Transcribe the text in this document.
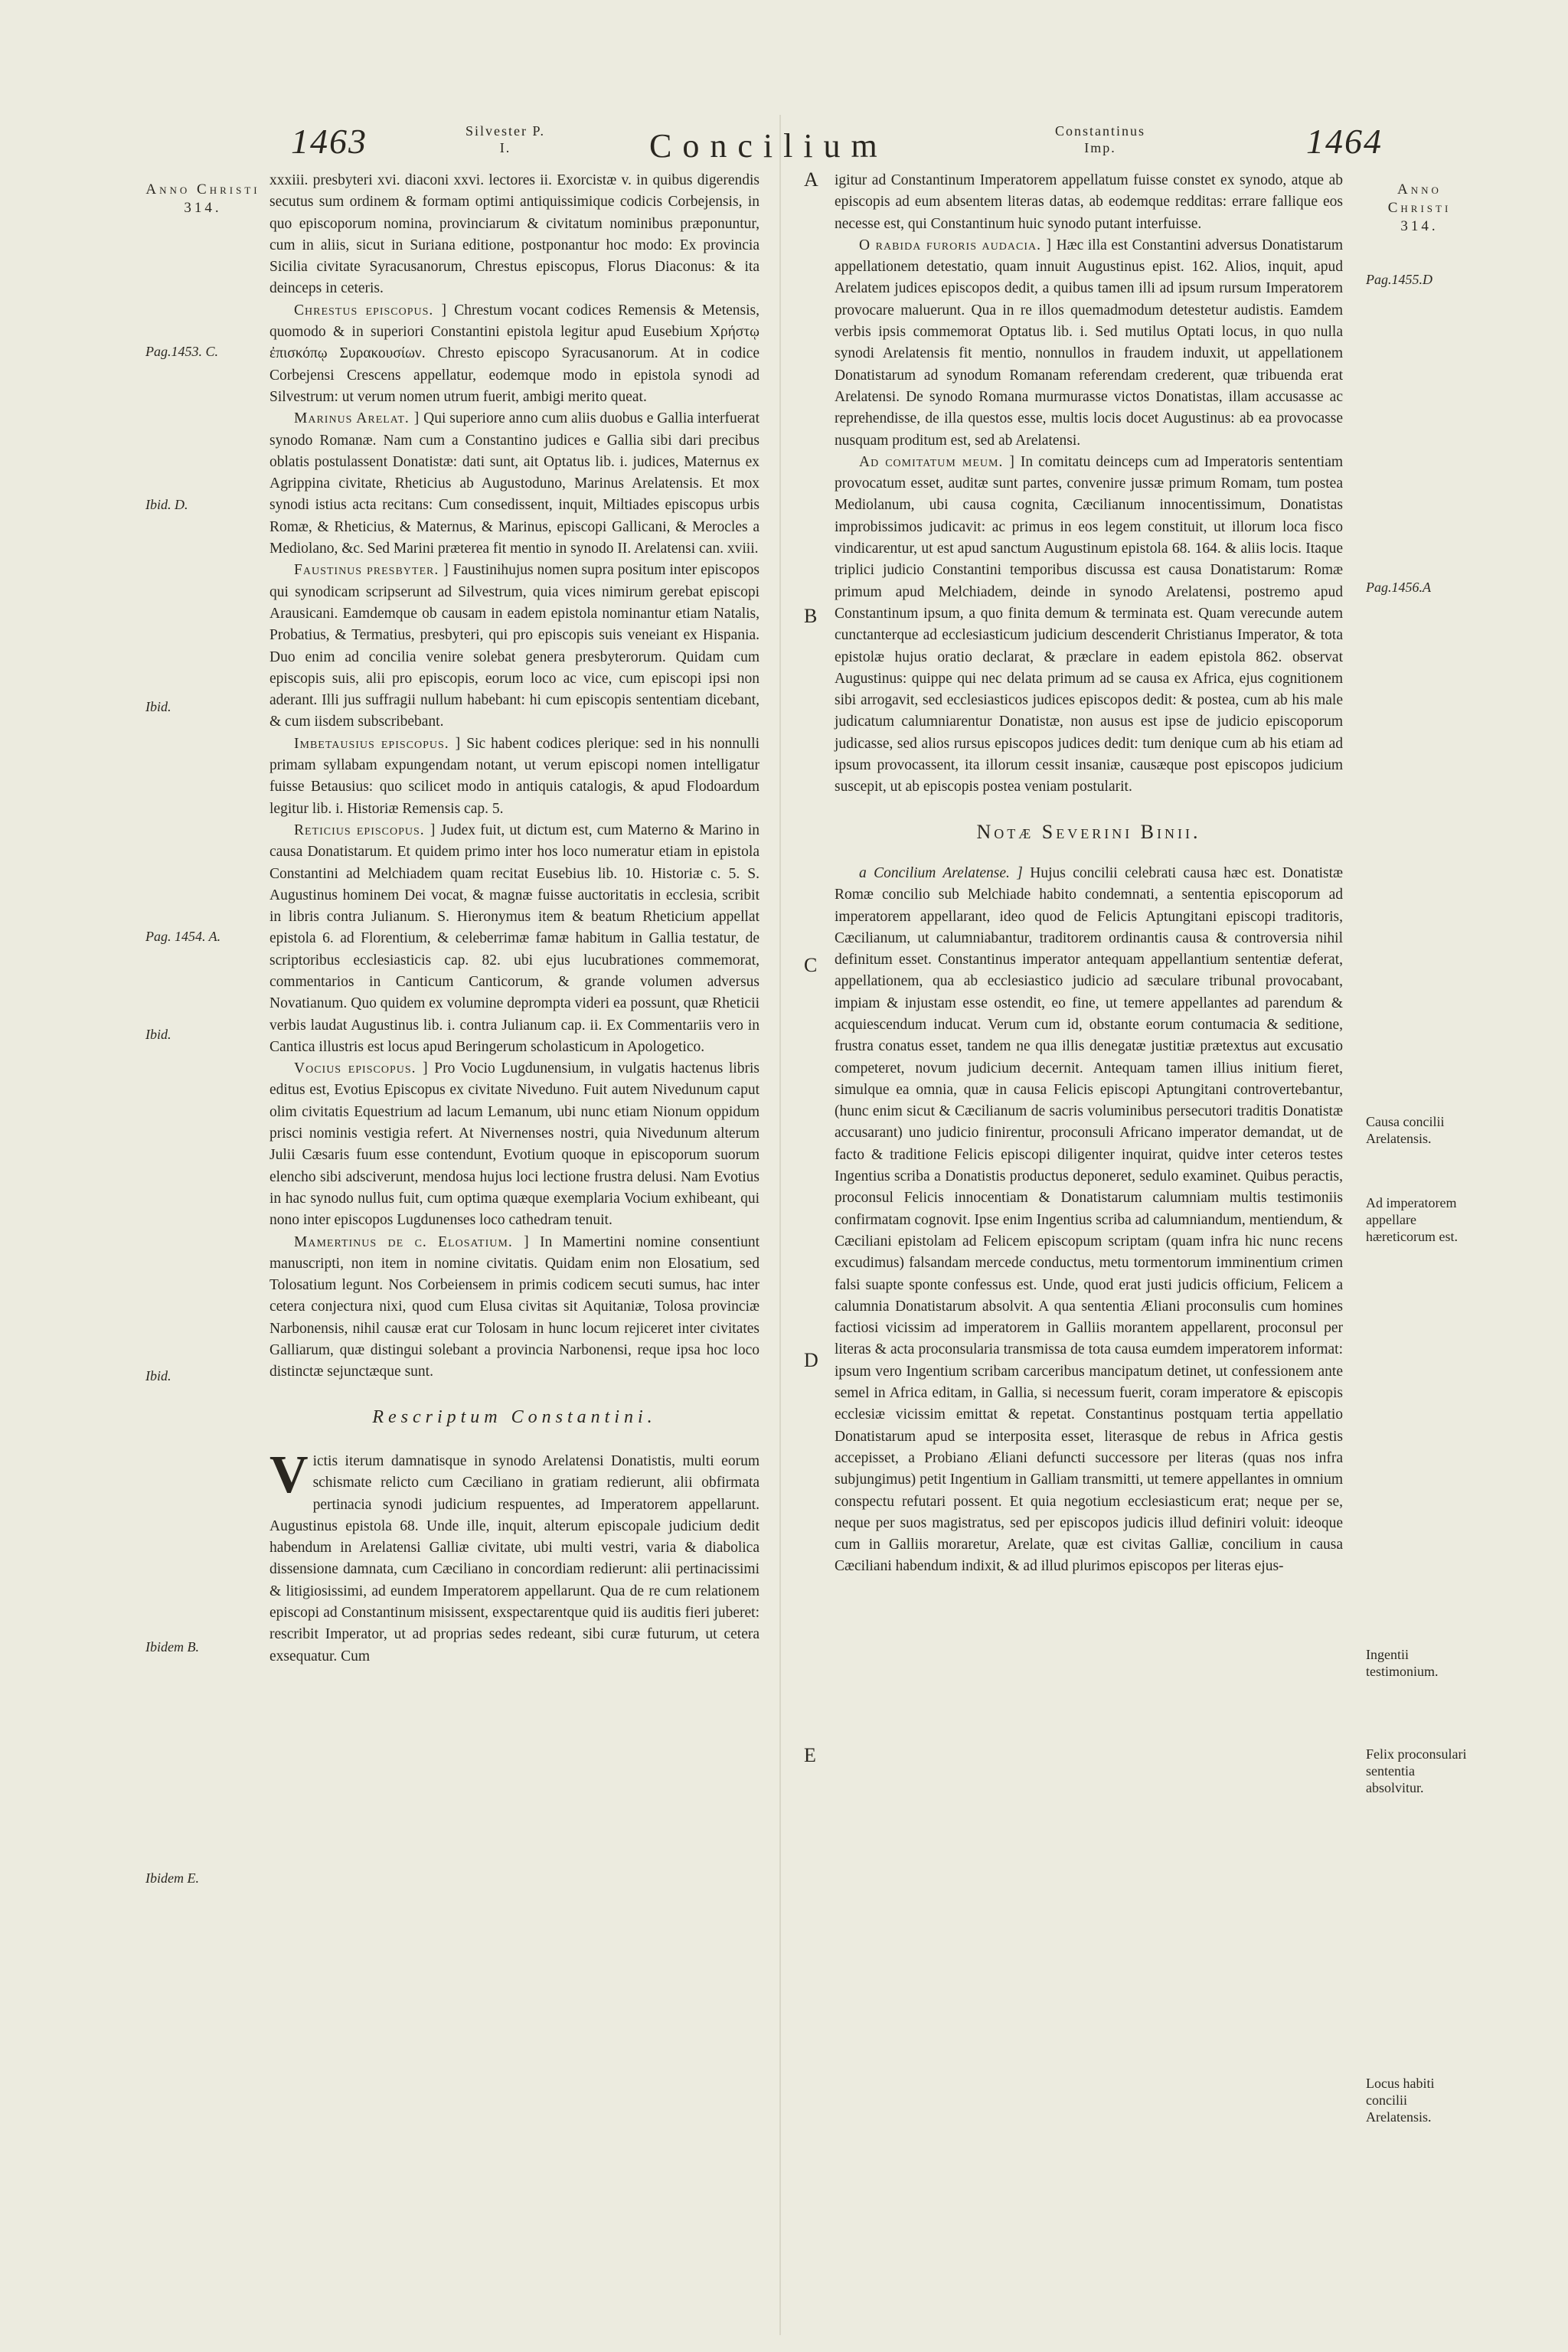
1463	Silvester P. I.	Concilium	Constantinus Imp.	1464
Anno Christi 314.
Pag.1453. C.
Ibid. D.
Ibid.
Pag. 1454. A.
Ibid.
Ibid.
Ibidem B.
Ibidem E.
Anno Christi 314.
Pag.1455.D
Pag.1456.A
Causa concilii Arelatensis.
Ad imperatorem appellare hæreticorum est.
Ingentii testimonium.
Felix proconsulari sententia absolvitur.
Locus habiti concilii Arelatensis.
A
B
C
D
E

xxxiii. presbyteri xvi. diaconi xxvi. lectores ii. Exorcistæ v. in quibus digerendis secutus sum ordinem & formam optimi antiquissimique codicis Corbejensis, in quo episcoporum nomina, provinciarum & civitatum nominibus præponuntur, cum in aliis, sicut in Suriana editione, postponantur hoc modo: Ex provincia Sicilia civitate Syracusanorum, Chrestus episcopus, Florus Diaconus: & ita deinceps in ceteris.

Chrestus episcopus. ] Chrestum vocant codices Remensis & Metensis, quomodo & in superiori Constantini epistola legitur apud Eusebium Χρήστῳ ἐπισκόπῳ Συρακουσίων. Chresto episcopo Syracusanorum. At in codice Corbejensi Crescens appellatur, eodemque modo in epistola synodi ad Silvestrum: ut verum nomen utrum fuerit, ambigi merito queat.

Marinus Arelat. ] Qui superiore anno cum aliis duobus e Gallia interfuerat synodo Romanæ. Nam cum a Constantino judices e Gallia sibi dari precibus oblatis postulassent Donatistæ: dati sunt, ait Optatus lib. i. judices, Maternus ex Agrippina civitate, Rheticius ab Augustoduno, Marinus Arelatensis. Et mox synodi istius acta recitans: Cum consedissent, inquit, Miltiades episcopus urbis Romæ, & Rheticius, & Maternus, & Marinus, episcopi Gallicani, & Merocles a Mediolano, &c. Sed Marini præterea fit mentio in synodo II. Arelatensi can. xviii.

Faustinus presbyter. ] Faustinihujus nomen supra positum inter episcopos qui synodicam scripserunt ad Silvestrum, quia vices nimirum gerebat episcopi Arausicani. Eamdemque ob causam in eadem epistola nominantur etiam Natalis, Probatius, & Termatius, presbyteri, qui pro episcopis suis veneiant ex Hispania. Duo enim ad concilia venire solebat genera presbyterorum. Quidam cum episcopis suis, alii pro episcopis, eorum loco ac vice, cum episcopi ipsi non aderant. Illi jus suffragii nullum habebant: hi cum episcopis sententiam dicebant, & cum iisdem subscribebant.

Imbetausius episcopus. ] Sic habent codices plerique: sed in his nonnulli primam syllabam expungendam notant, ut verum episcopi nomen intelligatur fuisse Betausius: quo scilicet modo in antiquis catalogis, & apud Flodoardum legitur lib. i. Historiæ Remensis cap. 5.

Reticius episcopus. ] Judex fuit, ut dictum est, cum Materno & Marino in causa Donatistarum. Et quidem primo inter hos loco numeratur etiam in epistola Constantini ad Melchiadem quam recitat Eusebius lib. 10. Historiæ c. 5. S. Augustinus hominem Dei vocat, & magnæ fuisse auctoritatis in ecclesia, scribit in libris contra Julianum. S. Hieronymus item & beatum Rheticium appellat epistola 6. ad Florentium, & celeberrimæ famæ habitum in Gallia testatur, de scriptoribus ecclesiasticis cap. 82. ubi ejus lucubrationes commemorat, commentarios in Canticum Canticorum, & grande volumen adversus Novatianum. Quo quidem ex volumine deprompta videri ea possunt, quæ Rheticii verbis laudat Augustinus lib. i. contra Julianum cap. ii. Ex Commentariis vero in Cantica illustris est locus apud Beringerum scholasticum in Apologetico.

Vocius episcopus. ] Pro Vocio Lugdunensium, in vulgatis hactenus libris editus est, Evotius Episcopus ex civitate Niveduno. Fuit autem Nivedunum caput olim civitatis Equestrium ad lacum Lemanum, ubi nunc etiam Nionum oppidum prisci nominis vestigia refert. At Nivernenses nostri, quia Nivedunum alterum Julii Cæsaris fuum esse contendunt, Evotium quoque in episcoporum suorum elencho sibi adsciverunt, mendosa hujus loci lectione frustra delusi. Nam Evotius in hac synodo nullus fuit, cum optima quæque exemplaria Vocium exhibeant, qui nono inter episcopos Lugdunenses loco cathedram tenuit.

Mamertinus de c. Elosatium. ] In Mamertini nomine consentiunt manuscripti, non item in nomine civitatis. Quidam enim non Elosatium, sed Tolosatium legunt. Nos Corbeiensem in primis codicem secuti sumus, hac inter cetera conjectura nixi, quod cum Elusa civitas sit Aquitaniæ, Tolosa provinciæ Narbonensis, nihil causæ erat cur Tolosam in hunc locum rejiceret inter civitates Galliarum, quæ distingui solebant a provincia Narbonensi, reque ipsa hoc loco distinctæ sejunctæque sunt.

Rescriptum Constantini.

Victis iterum damnatisque in synodo Arelatensi Donatistis, multi eorum schismate relicto cum Cæciliano in gratiam redierunt, alii obfirmata pertinacia synodi judicium respuentes, ad Imperatorem appellarunt. Augustinus epistola 68. Unde ille, inquit, alterum episcopale judicium dedit habendum in Arelatensi Galliæ civitate, ubi multi vestri, varia & diabolica dissensione damnata, cum Cæciliano in concordiam redierunt: alii pertinacissimi & litigiosissimi, ad eundem Imperatorem appellarunt. Qua de re cum relationem episcopi ad Constantinum misissent, exspectarentque quid iis auditis fieri juberet: rescribit Imperator, ut ad proprias sedes redeant, sibi curæ futurum, ut cetera exsequatur. Cum

igitur ad Constantinum Imperatorem appellatum fuisse constet ex synodo, atque ab episcopis ad eum absentem literas datas, ab eodemque redditas: errare fallique eos necesse est, qui Constantinum huic synodo putant interfuisse.

O rabida furoris audacia. ] Hæc illa est Constantini adversus Donatistarum appellationem detestatio, quam innuit Augustinus epist. 162. Alios, inquit, apud Arelatem judices episcopos dedit, a quibus tamen illi ad ipsum rursum Imperatorem provocare maluerunt. Qua in re illos quemadmodum detestetur audistis. Eamdem verbis ipsis commemorat Optatus lib. i. Sed mutilus Optati locus, in quo nulla synodi Arelatensis fit mentio, nonnullos in fraudem induxit, ut appellationem Donatistarum ad synodum Romanam referendam crederent, quæ tribuenda erat Arelatensi. De synodo Romana murmurasse victos Donatistas, illam accusasse ac reprehendisse, de illa questos esse, multis locis docet Augustinus: ab ea provocasse nusquam proditum est, sed ab Arelatensi.

Ad comitatum meum. ] In comitatu deinceps cum ad Imperatoris sententiam provocatum esset, auditæ sunt partes, convenire jussæ primum Romam, tum postea Mediolanum, ubi causa cognita, Cæcilianum innocentissimum, Donatistas improbissimos judicavit: ac primus in eos legem constituit, ut illorum loca fisco vindicarentur, ut est apud sanctum Augustinum epistola 68. 164. & aliis locis. Itaque triplici judicio Constantini temporibus discussa est causa Donatistarum: Romæ primum apud Melchiadem, deinde in synodo Arelatensi, postremo apud Constantinum ipsum, a quo finita demum & terminata est. Quam verecunde autem cunctanterque ad ecclesiasticum judicium descenderit Christianus Imperator, & tota epistolæ hujus oratio declarat, & præclare in eadem epistola 862. observat Augustinus: quippe qui nec delata primum ad se causa ex Africa, ejus cognitionem sibi arrogavit, sed ecclesiasticos judices episcopos dedit: & postea, cum ab his male judicatum calumniarentur Donatistæ, non ausus est ipse de judicio episcoporum judicasse, sed alios rursus episcopos judices dedit: tum denique cum ab his etiam ad ipsum provocassent, ita illorum cessit insaniæ, causæque post episcopos judicium suscepit, ut ab episcopis postea veniam postularit.

Notæ Severini Binii.

a Concilium Arelatense. ] Hujus concilii celebrati causa hæc est. Donatistæ Romæ concilio sub Melchiade habito condemnati, a sententia episcoporum ad imperatorem appellarant, ideo quod de Felicis Aptungitani episcopi traditoris, Cæcilianum, ut calumniabantur, traditorem ordinantis causa & controversia nihil definitum esset. Constantinus imperator antequam appellantium sententiæ deferat, appellationem, qua ab ecclesiastico judicio ad sæculare tribunal provocabant, impiam & injustam esse ostendit, eo fine, ut temere appellantes ad parendum & acquiescendum inducat. Verum cum id, obstante eorum contumacia & seditione, frustra conatus esset, tandem ne qua illis denegatæ justitiæ prætextus aut excusatio competeret, novum judicium decernit. Antequam tamen illius initium fieret, simulque ea omnia, quæ in causa Felicis episcopi Aptungitani controvertebantur, (hunc enim sicut & Cæcilianum de sacris voluminibus persecutori traditis Donatistæ accusarant) uno judicio finirentur, proconsuli Africano imperator demandat, ut de facto & traditione Felicis episcopi diligenter inquirat, quidve inter ceteros testes Ingentius scriba a Donatistis productus deponeret, sedulo examinet. Quibus peractis, proconsul Felicis innocentiam & Donatistarum calumniam multis testimoniis confirmatam cognovit. Ipse enim Ingentius scriba ad calumniandum, mentiendum, & Cæciliani epistolam ad Felicem episcopum scriptam (quam infra hic nunc recens excudimus) falsandam mercede conductus, metu tormentorum imminentium crimen falsi suapte sponte confessus est. Unde, quod erat justi judicis officium, Felicem a calumnia Donatistarum absolvit. A qua sententia Æliani proconsulis cum homines factiosi vicissim ad imperatorem in Galliis morantem appellarent, proconsul per literas & acta proconsularia transmissa de tota causa eumdem imperatorem informat: ipsum vero Ingentium scribam carceribus mancipatum detinet, ut confessionem ante semel in Africa editam, in Gallia, si necessum fuerit, coram imperatore & episcopis ecclesiæ vicissim emittat & repetat. Constantinus postquam tertia appellatio Donatistarum apud se interposita esset, literasque de rebus in Africa gestis accepisset, a Probiano Æliani defuncti successore per literas (quas nos infra subjungimus) petit Ingentium in Galliam transmitti, ut temere appellantes in omnium conspectu refutari possent. Et quia negotium ecclesiasticum erat; neque per se, neque per suos magistratus, sed per episcopos judicis illud definiri voluit: ideoque cum in Galliis moraretur, Arelate, quæ est civitas Galliæ, concilium in causa Cæciliani habendum indixit, & ad illud plurimos episcopos per literas ejus-
